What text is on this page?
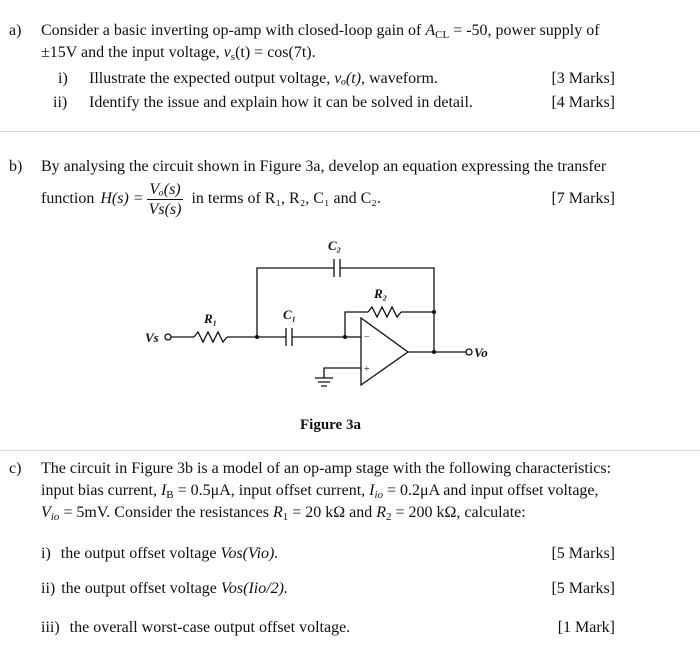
a) Consider a basic inverting op-amp with closed-loop gain of $A_{CL} = -50$, power supply of
±15V and the input voltage, $v_s(t) = \cos(7t)$.
i) Illustrate the expected output voltage, vₒ(t), waveform.	[3 Marks]
ii) Identify the issue and explain how it can be solved in detail.	[4 Marks]
b) By analysing the circuit shown in Figure 3a, develop an equation expressing the transfer
function $H(s) = \frac{\text{Vₒ(s)}}{Vs(s)}$ in terms of R₁, R₂, C₁ and C₂.	[7 Marks]
C₂
R₂
R₁	C₁
Vs
Vo
−
+
Figure 3a
c) The circuit in Figure 3b is a model of an op-amp stage with the following characteristics:
input bias current, $I_B = 0.5\mu A$, input offset current, $I_{io} = 0.2\mu A$ and input offset voltage,
$V_{io} = 5mV$. Consider the resistances $R_1 = 20$ kΩ and $R_2 = 200$ kΩ, calculate:
i) the output offset voltage Vos(Vio).	[5 Marks]
ii) the output offset voltage Vos(Iio/2).	[5 Marks]
iii) the overall worst-case output offset voltage.	[1 Mark]
